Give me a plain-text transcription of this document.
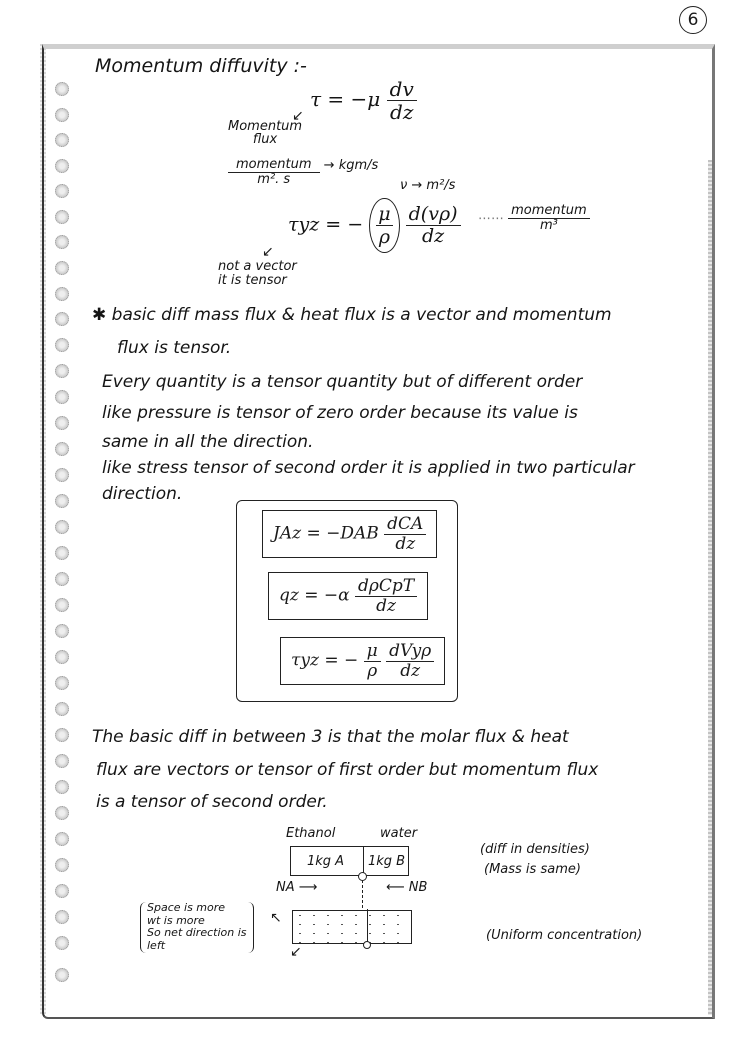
6
Momentum diffuvity :-
$\tau = -\mu \frac{dv}{dz}$
↙
Momentum
flux
$\frac{\text{momentum}}{\text{m². s}} \to kgm/s$
ν → m²/s
τyz = − $\frac{\mu}{\rho}$
$\frac{d(v\rho)}{dz}$ ⋯⋯ $\frac{\text{momentum}}{\text{m³}}$
↙
not a vector
it is tensor
✱ basic diff mass flux & heat flux is a vector and momentum
flux is tensor.
Every quantity is a tensor quantity but of different order
like pressure is tensor of zero order because its value is
same in all the direction.
like stress tensor of second order it is applied in two particular
direction.
JAz = $-DAB \frac{\text{dCA}}{dz}$
qz = $-\alpha \frac{\text{dρCpT}}{dz}$
τyz = − $\frac{\mu}{\rho}$
$\frac{\text{dVyρ}}{dz}$
The basic diff in between 3 is that the molar flux & heat
flux are vectors or tensor of first order but momentum flux
is a tensor of second order.
Ethanol	water
1kg A 1kg B
NA ⟶	⟵ NB
↖
↙
Space is more
wt is more
So net direction is
left
(diff in densities)
(Mass is same)
(Uniform concentration)
